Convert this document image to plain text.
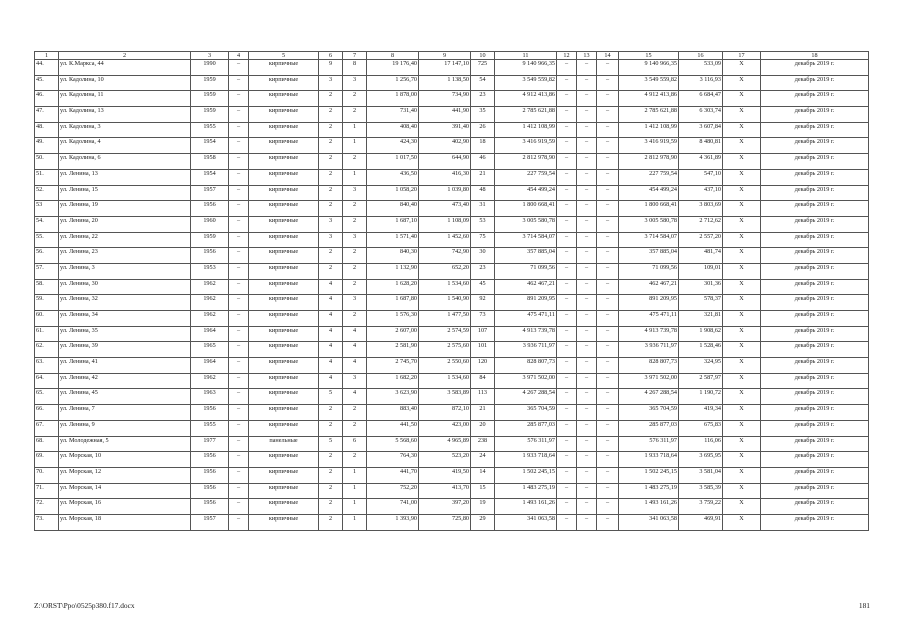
1	2	3	4	5	6	7	8	9	10	11	12	13	14	15	16	17	18
44.	ул. К.Маркса, 44	1990	–	кирпичные	9	8	19 176,40	17 147,10	725	9 140 966,35	–	–	–	9 140 966,35	533,09	Х	декабрь 2019 г.
45.	ул. Кадолина, 10	1959	–	кирпичные	3	3	1 256,70	1 138,50	54	3 549 559,82	–	–	–	3 549 559,82	3 116,93	Х	декабрь 2019 г.
46.	ул. Кадолина, 11	1959	–	кирпичные	2	2	1 878,00	734,90	23	4 912 413,86	–	–	–	4 912 413,86	6 684,47	Х	декабрь 2019 г.
47.	ул. Кадолина, 13	1959	–	кирпичные	2	2	731,40	441,90	35	2 785 621,88	–	–	–	2 785 621,88	6 303,74	Х	декабрь 2019 г.
48.	ул. Кадолина, 3	1955	–	кирпичные	2	1	408,40	391,40	26	1 412 108,99	–	–	–	1 412 108,99	3 607,84	Х	декабрь 2019 г.
49.	ул. Кадолина, 4	1954	–	кирпичные	2	1	424,30	402,90	18	3 416 919,59	–	–	–	3 416 919,59	8 480,81	Х	декабрь 2019 г.
50.	ул. Кадолина, 6	1958	–	кирпичные	2	2	1 017,50	644,90	46	2 812 978,90	–	–	–	2 812 978,90	4 361,89	Х	декабрь 2019 г.
51.	ул. Ленина, 13	1954	–	кирпичные	2	1	436,50	416,30	21	227 759,54	–	–	–	227 759,54	547,10	Х	декабрь 2019 г.
52.	ул. Ленина, 15	1957	–	кирпичные	2	3	1 058,20	1 039,80	48	454 499,24	–	–	–	454 499,24	437,10	Х	декабрь 2019 г.
53	ул. Ленина, 19	1956	–	кирпичные	2	2	840,40	473,40	31	1 800 668,41	–	–	–	1 800 668,41	3 803,69	Х	декабрь 2019 г.
54.	ул. Ленина, 20	1960	–	кирпичные	3	2	1 687,10	1 108,09	53	3 005 580,78	–	–	–	3 005 580,78	2 712,62	Х	декабрь 2019 г.
55.	ул. Ленина, 22	1959	–	кирпичные	3	3	1 571,40	1 452,60	75	3 714 584,07	–	–	–	3 714 584,07	2 557,20	Х	декабрь 2019 г.
56.	ул. Ленина, 23	1956	–	кирпичные	2	2	840,30	742,90	30	357 885,04	–	–	–	357 885,04	481,74	Х	декабрь 2019 г.
57.	ул. Ленина, 3	1953	–	кирпичные	2	2	1 132,90	652,20	23	71 099,56	–	–	–	71 099,56	109,01	Х	декабрь 2019 г.
58.	ул. Ленина, 30	1962	–	кирпичные	4	2	1 628,20	1 534,60	45	462 467,21	–	–	–	462 467,21	301,36	Х	декабрь 2019 г.
59.	ул. Ленина, 32	1962	–	кирпичные	4	3	1 687,80	1 540,90	92	891 209,95	–	–	–	891 209,95	578,37	Х	декабрь 2019 г.
60.	ул. Ленина, 34	1962	–	кирпичные	4	2	1 576,30	1 477,50	73	475 471,11	–	–	–	475 471,11	321,81	Х	декабрь 2019 г.
61.	ул. Ленина, 35	1964	–	кирпичные	4	4	2 607,00	2 574,59	107	4 913 739,78	–	–	–	4 913 739,78	1 908,62	Х	декабрь 2019 г.
62.	ул. Ленина, 39	1965	–	кирпичные	4	4	2 581,90	2 575,60	101	3 936 711,97	–	–	–	3 936 711,97	1 528,46	Х	декабрь 2019 г.
63.	ул. Ленина, 41	1964	–	кирпичные	4	4	2 745,70	2 550,60	120	828 807,73	–	–	–	828 807,73	324,95	Х	декабрь 2019 г.
64.	ул. Ленина, 42	1962	–	кирпичные	4	3	1 682,20	1 534,60	84	3 971 502,00	–	–	–	3 971 502,00	2 587,97	Х	декабрь 2019 г.
65.	ул. Ленина, 45	1963	–	кирпичные	5	4	3 623,90	3 583,89	113	4 267 288,54	–	–	–	4 267 288,54	1 190,72	Х	декабрь 2019 г.
66.	ул. Ленина, 7	1956	–	кирпичные	2	2	883,40	872,10	21	365 704,59	–	–	–	365 704,59	419,34	Х	декабрь 2019 г.
67.	ул. Ленина, 9	1955	–	кирпичные	2	2	441,50	423,00	20	285 877,03	–	–	–	285 877,03	675,83	Х	декабрь 2019 г.
68.	ул. Молодежная, 5	1977	–	панельные	5	6	5 568,60	4 965,89	238	576 311,97	–	–	–	576 311,97	116,06	Х	декабрь 2019 г.
69.	ул. Морская, 10	1956	–	кирпичные	2	2	764,30	523,20	24	1 933 718,64	–	–	–	1 933 718,64	3 695,95	Х	декабрь 2019 г.
70.	ул. Морская, 12	1956	–	кирпичные	2	1	441,70	419,50	14	1 502 245,15	–	–	–	1 502 245,15	3 581,04	Х	декабрь 2019 г.
71.	ул. Морская, 14	1956	–	кирпичные	2	1	752,20	413,70	15	1 483 275,19	–	–	–	1 483 275,19	3 585,39	Х	декабрь 2019 г.
72.	ул. Морская, 16	1956	–	кирпичные	2	1	741,00	397,20	19	1 493 161,26	–	–	–	1 493 161,26	3 759,22	Х	декабрь 2019 г.
73.	ул. Морская, 18	1957	–	кирпичные	2	1	1 393,90	725,80	29	341 063,58	–	–	–	341 063,58	469,91	Х	декабрь 2019 г.
Z:\ORST\Ppo\0525p380.f17.docx	181
